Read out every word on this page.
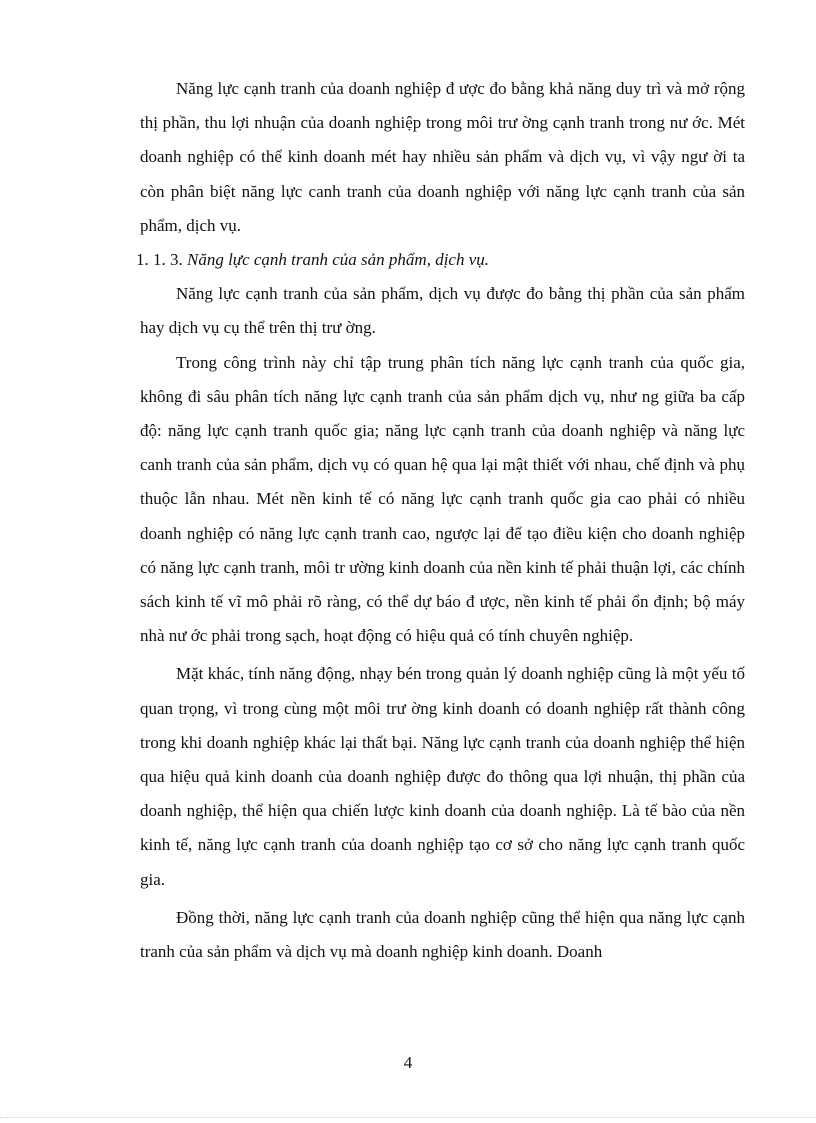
Năng lực cạnh tranh của doanh nghiệp đ ược đo bằng khả năng duy trì và mở rộng thị phần, thu lợi nhuận của doanh nghiệp trong môi trư ờng cạnh tranh trong nư ớc. Mét doanh nghiệp có thể kinh doanh mét hay nhiều sản phẩm và dịch vụ, vì vậy ngư ời ta còn phân biệt năng lực canh tranh của doanh nghiệp với năng lực cạnh tranh của sản phẩm, dịch vụ.

1. 1. 3. Năng lực cạnh tranh của sản phẩm, dịch vụ.

Năng lực cạnh tranh của sản phẩm, dịch vụ được đo bằng thị phần của sản phẩm hay dịch vụ cụ thể trên thị trư ờng.

Trong công trình này chỉ tập trung phân tích năng lực cạnh tranh của quốc gia, không đi sâu phân tích năng lực cạnh tranh của sản phẩm dịch vụ, như ng giữa ba cấp độ: năng lực cạnh tranh quốc gia; năng lực cạnh tranh của doanh nghiệp và năng lực canh tranh của sản phẩm, dịch vụ có quan hệ qua lại mật thiết với nhau, chế định và phụ thuộc lẫn nhau. Mét nền kinh tế có năng lực cạnh tranh quốc gia cao phải có nhiều doanh nghiệp có năng lực cạnh tranh cao, ngược lại để tạo điều kiện cho doanh nghiệp có năng lực cạnh tranh, môi tr ường kinh doanh của nền kinh tế phải thuận lợi, các chính sách kinh tế vĩ mô phải rõ ràng, có thể dự báo đ ược, nền kinh tế phải ổn định; bộ máy nhà nư ớc phải trong sạch, hoạt động có hiệu quả có tính chuyên nghiệp.

Mặt khác, tính năng động, nhạy bén trong quản lý doanh nghiệp cũng là một yếu tố quan trọng, vì trong cùng một môi trư ờng kinh doanh có doanh nghiệp rất thành công trong khi doanh nghiệp khác lại thất bại. Năng lực cạnh tranh của doanh nghiệp thể hiện qua hiệu quả kinh doanh của doanh nghiệp được đo thông qua lợi nhuận, thị phần của doanh nghiệp, thể hiện qua chiến lược kinh doanh của doanh nghiệp. Là tế bào của nền kinh tế, năng lực cạnh tranh của doanh nghiệp tạo cơ sở cho năng lực cạnh tranh quốc gia.

Đồng thời, năng lực cạnh tranh của doanh nghiệp cũng thể hiện qua năng lực cạnh tranh của sản phẩm và dịch vụ mà doanh nghiệp kinh doanh. Doanh

4
